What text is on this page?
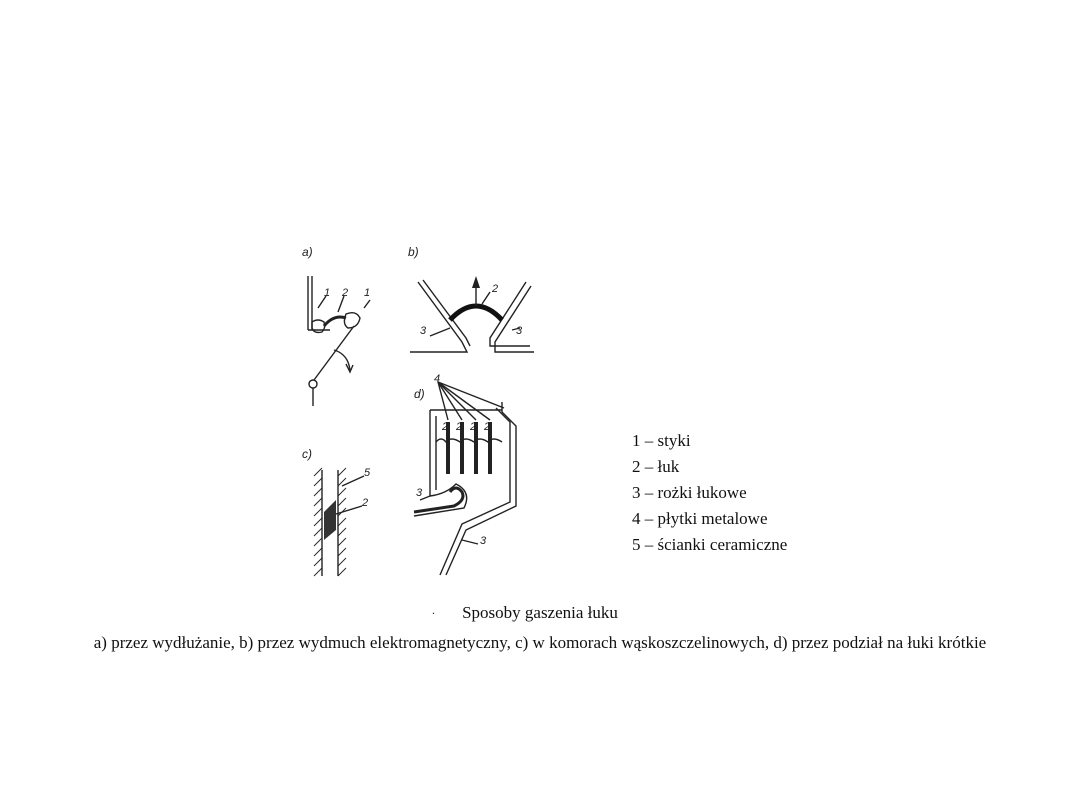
a)
1 2 1
b)
2
3	3
c)
5
2
d)
4
2 2 2 2
3
3
1 – styki
2 – łuk
3 – rożki łukowe
4 – płytki metalowe
5 – ścianki ceramiczne
.	Sposoby gaszenia łuku
a) przez wydłużanie, b) przez wydmuch elektromagnetyczny, c) w komorach wąskoszczelinowych, d) przez podział na łuki krótkie
